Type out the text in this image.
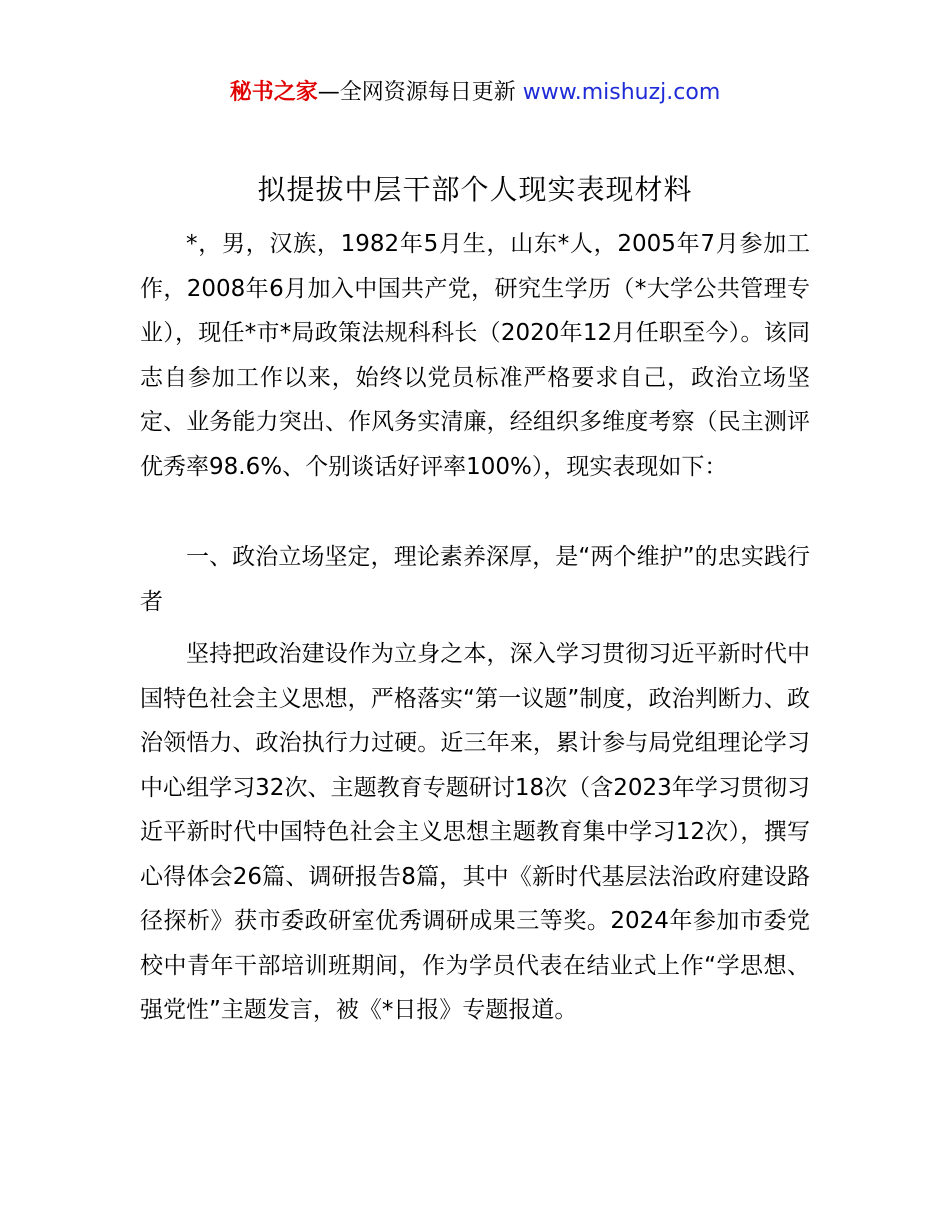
秘书之家—全网资源每日更新 www.mishuzj.com
拟提拔中层干部个人现实表现材料

*，男，汉族，1982年5月生，山东*人，2005年7月参加工作，2008年6月加入中国共产党，研究生学历（*大学公共管理专业），现任*市*局政策法规科科长（2020年12月任职至今）。该同志自参加工作以来，始终以党员标准严格要求自己，政治立场坚定、业务能力突出、作风务实清廉，经组织多维度考察（民主测评优秀率98.6%、个别谈话好评率100%），现实表现如下：

一、政治立场坚定，理论素养深厚，是“两个维护”的忠实践行者

坚持把政治建设作为立身之本，深入学习贯彻习近平新时代中国特色社会主义思想，严格落实“第一议题”制度，政治判断力、政治领悟力、政治执行力过硬。近三年来，累计参与局党组理论学习中心组学习32次、主题教育专题研讨18次（含2023年学习贯彻习近平新时代中国特色社会主义思想主题教育集中学习12次），撰写心得体会26篇、调研报告8篇，其中《新时代基层法治政府建设路径探析》获市委政研室优秀调研成果三等奖。2024年参加市委党校中青年干部培训班期间，作为学员代表在结业式上作“学思想、强党性”主题发言，被《*日报》专题报道。
